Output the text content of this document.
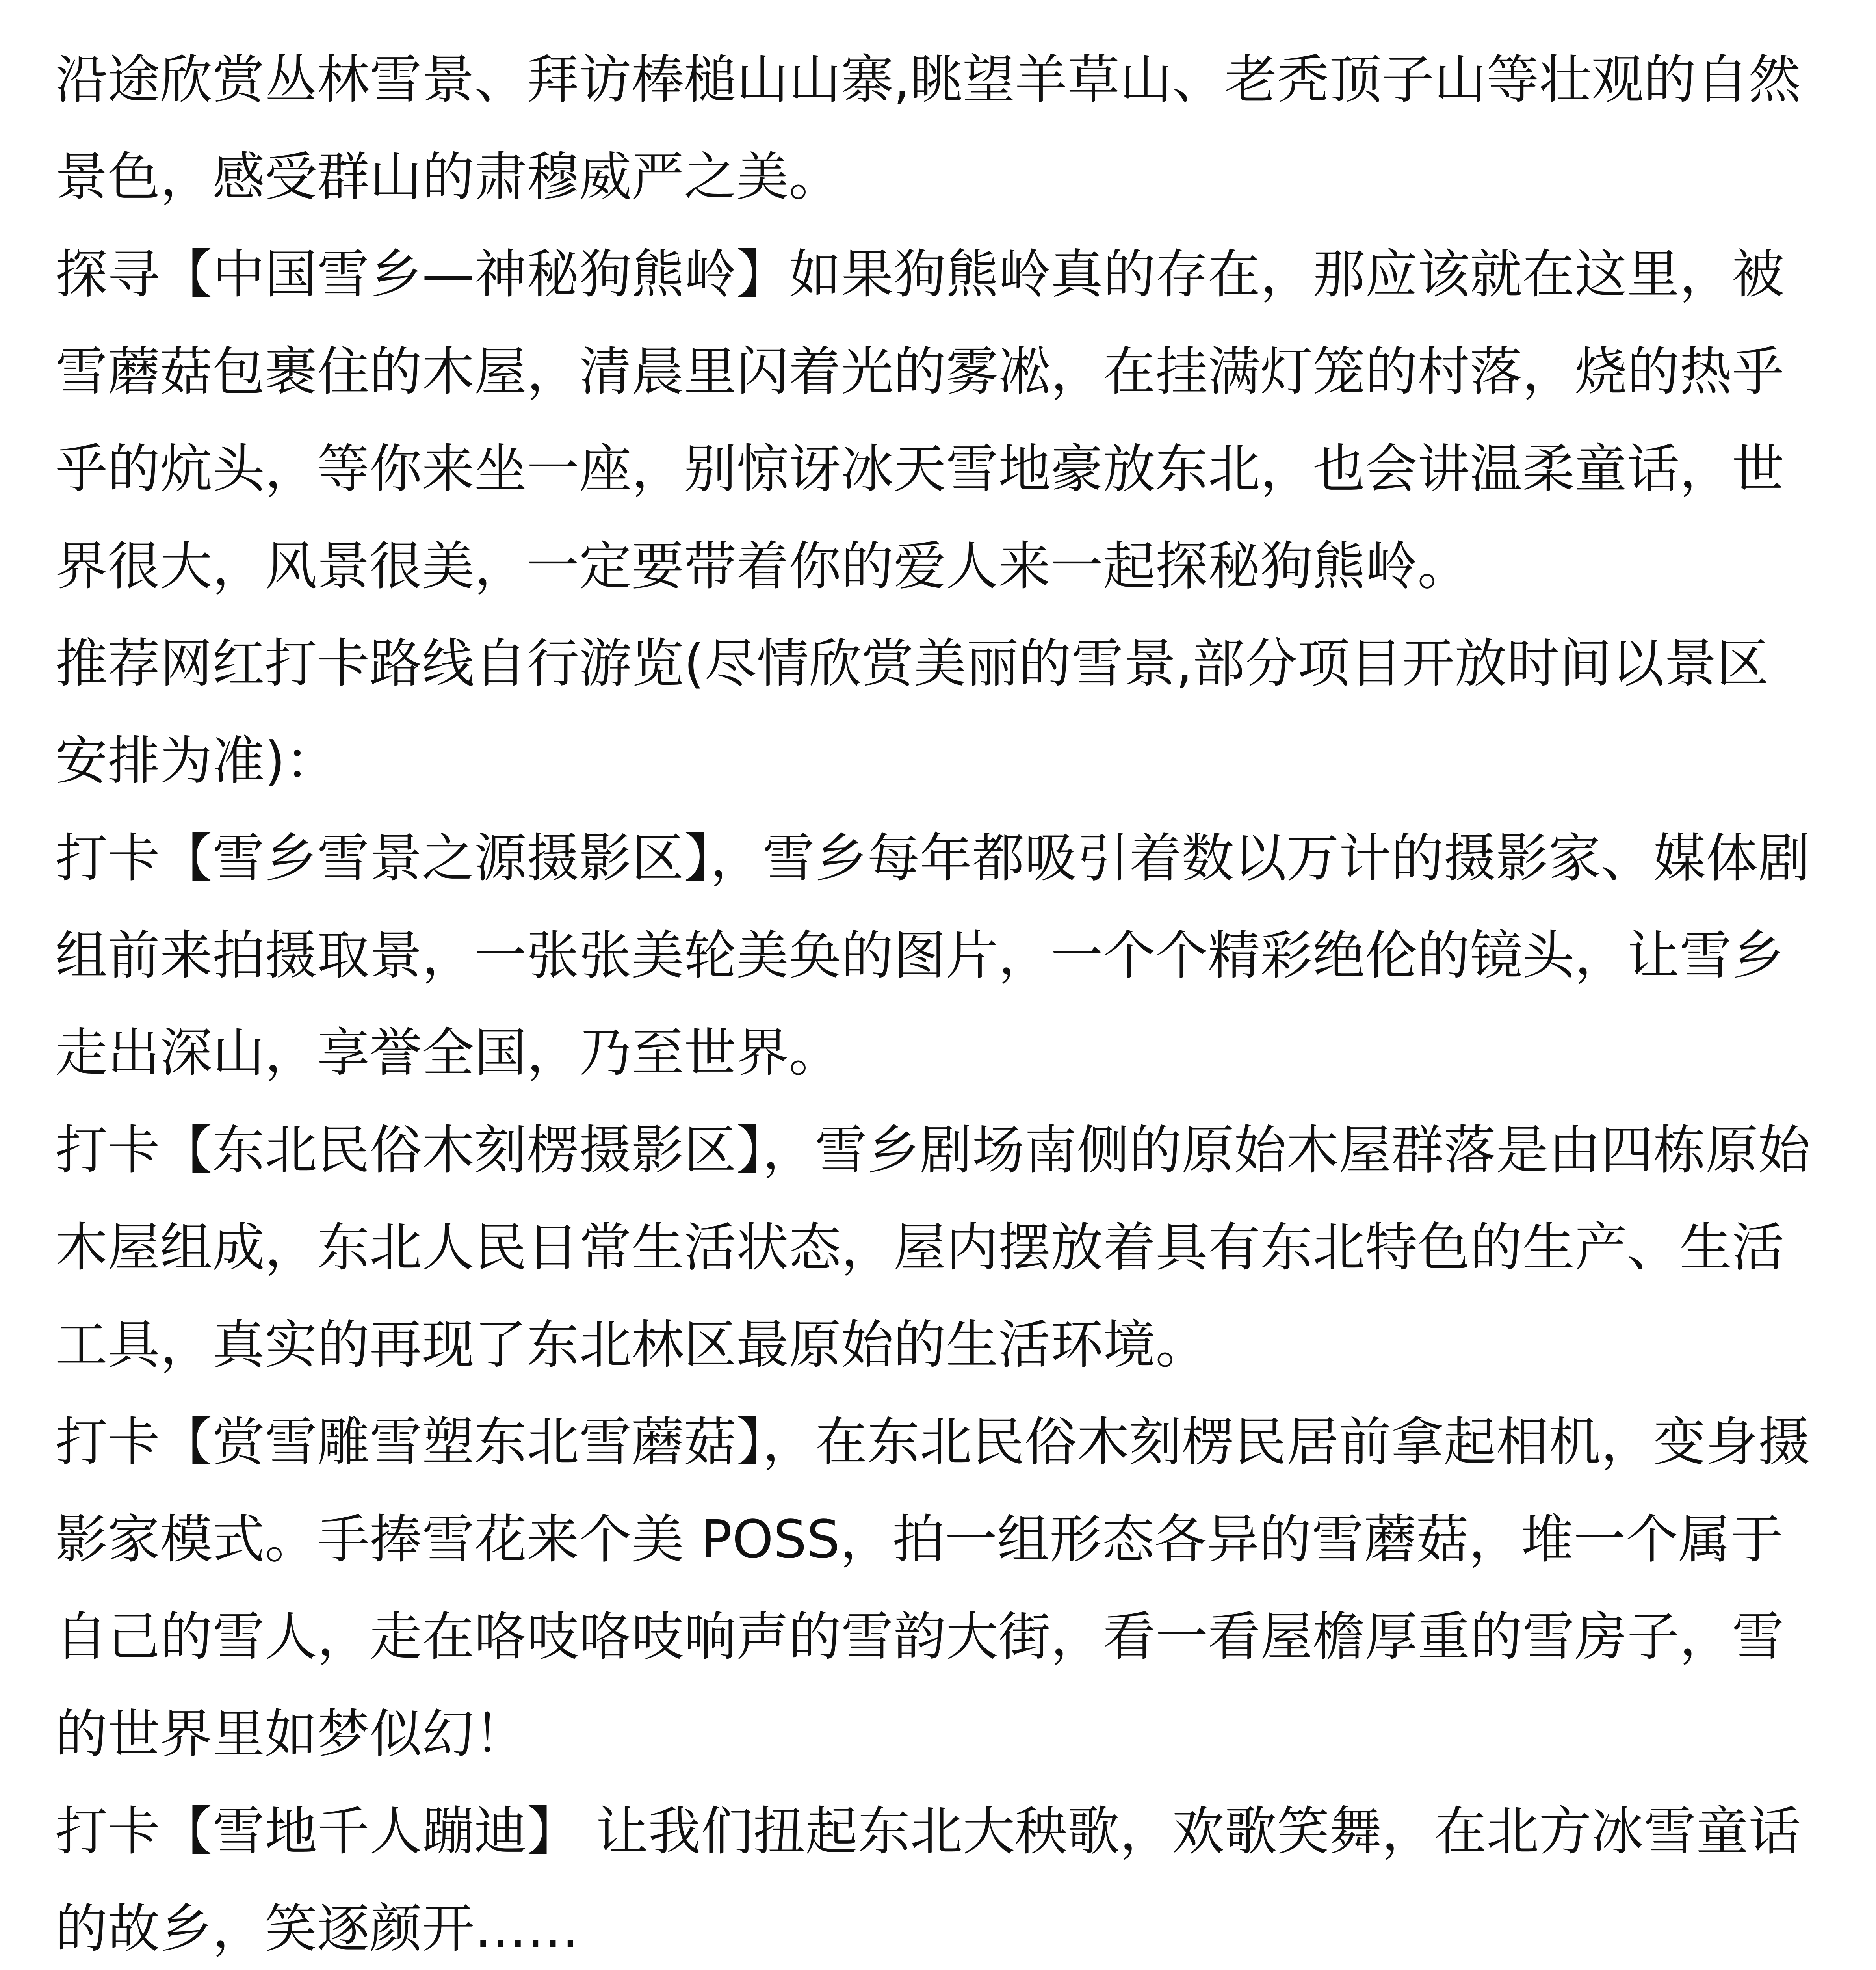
沿途欣赏丛林雪景、拜访棒槌山山寨,眺望羊草山、老秃顶子山等壮观的自然景色，感受群山的肃穆威严之美。

探寻【中国雪乡—神秘狗熊岭】如果狗熊岭真的存在，那应该就在这里，被雪蘑菇包裹住的木屋，清晨里闪着光的雾凇，在挂满灯笼的村落，烧的热乎乎的炕头，等你来坐一座，别惊讶冰天雪地豪放东北，也会讲温柔童话，世界很大，风景很美，一定要带着你的爱人来一起探秘狗熊岭。

推荐网红打卡路线自行游览(尽情欣赏美丽的雪景,部分项目开放时间以景区安排为准)：

打卡【雪乡雪景之源摄影区】，雪乡每年都吸引着数以万计的摄影家、媒体剧组前来拍摄取景，一张张美轮美奂的图片，一个个精彩绝伦的镜头，让雪乡走出深山，享誉全国，乃至世界。

打卡【东北民俗木刻楞摄影区】，雪乡剧场南侧的原始木屋群落是由四栋原始木屋组成，东北人民日常生活状态，屋内摆放着具有东北特色的生产、生活工具，真实的再现了东北林区最原始的生活环境。

打卡【赏雪雕雪塑东北雪蘑菇】，在东北民俗木刻楞民居前拿起相机，变身摄影家模式。手捧雪花来个美 POSS，拍一组形态各异的雪蘑菇，堆一个属于自己的雪人，走在咯吱咯吱响声的雪韵大街，看一看屋檐厚重的雪房子，雪的世界里如梦似幻！

打卡【雪地千人蹦迪】 让我们扭起东北大秧歌，欢歌笑舞，在北方冰雪童话的故乡，笑逐颜开……
